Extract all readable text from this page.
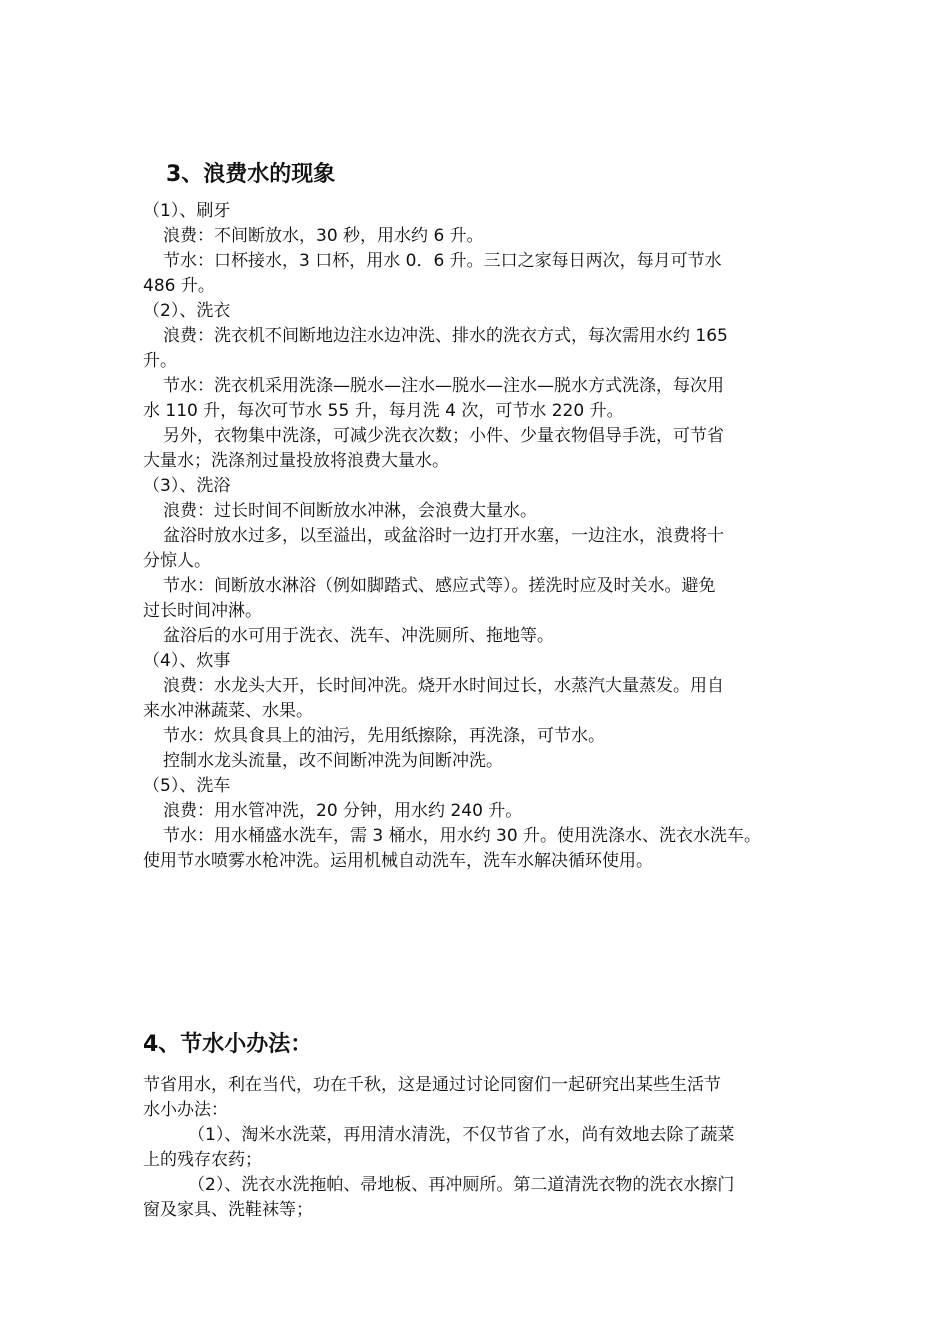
3、浪费水的现象

（1）、刷牙

浪费：不间断放水，30 秒，用水约 6 升。

节水：口杯接水，3 口杯，用水 0．6 升。三口之家每日两次，每月可节水

486 升。

（2）、洗衣

浪费：洗衣机不间断地边注水边冲洗、排水的洗衣方式，每次需用水约 165

升。

节水：洗衣机采用洗涤—脱水—注水—脱水—注水—脱水方式洗涤，每次用

水 110 升，每次可节水 55 升，每月洗 4 次，可节水 220 升。

另外，衣物集中洗涤，可减少洗衣次数；小件、少量衣物倡导手洗，可节省

大量水；洗涤剂过量投放将浪费大量水。

（3）、洗浴

浪费：过长时间不间断放水冲淋，会浪费大量水。

盆浴时放水过多，以至溢出，或盆浴时一边打开水塞，一边注水，浪费将十

分惊人。

节水：间断放水淋浴（例如脚踏式、感应式等）。搓洗时应及时关水。避免

过长时间冲淋。

盆浴后的水可用于洗衣、洗车、冲洗厕所、拖地等。

（4）、炊事

浪费：水龙头大开，长时间冲洗。烧开水时间过长，水蒸汽大量蒸发。用自

来水冲淋蔬菜、水果。

节水：炊具食具上的油污，先用纸擦除，再洗涤，可节水。

控制水龙头流量，改不间断冲洗为间断冲洗。

（5）、洗车

浪费：用水管冲洗，20 分钟，用水约 240 升。

节水：用水桶盛水洗车，需 3 桶水，用水约 30 升。使用洗涤水、洗衣水洗车。

使用节水喷雾水枪冲洗。运用机械自动洗车，洗车水解决循环使用。

4、节水小办法：

节省用水，利在当代，功在千秋，这是通过讨论同窗们一起研究出某些生活节

水小办法：

（1）、淘米水洗菜，再用清水清洗，不仅节省了水，尚有效地去除了蔬菜

上的残存农药；

（2）、洗衣水洗拖帕、帚地板、再冲厕所。第二道清洗衣物的洗衣水擦门

窗及家具、洗鞋袜等；
